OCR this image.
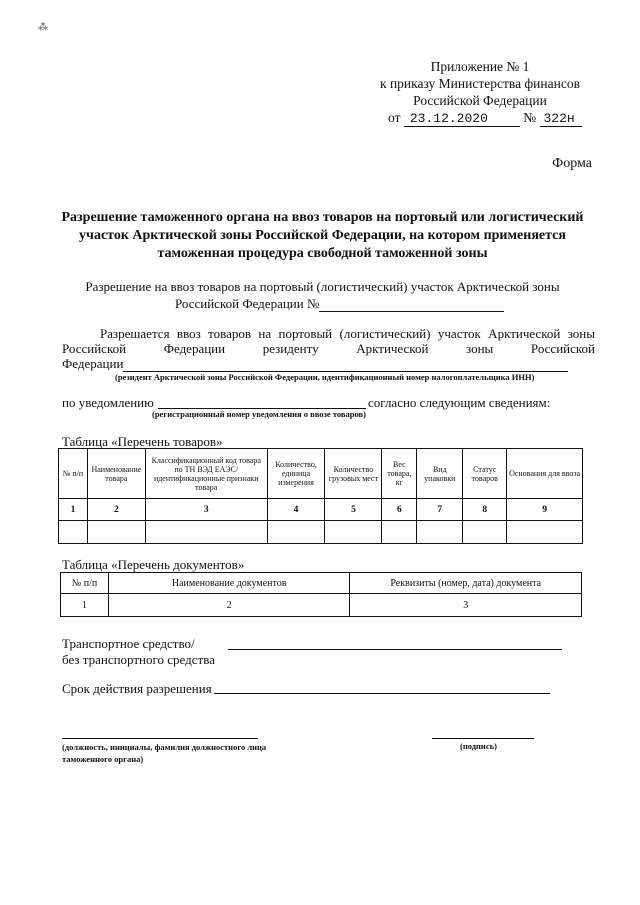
⁂
Приложение № 1
к приказу Министерства финансов
Российской Федерации
от 23.12.2020	№ 322н
Форма
Разрешение таможенного органа на ввоз товаров на портовый или логистический участок Арктической зоны Российской Федерации, на котором применяется таможенная процедура свободной таможенной зоны
Разрешение на ввоз товаров на портовый (логистический) участок Арктической зоны
Российской Федерации №
Разрешается ввоз товаров на портовый (логистический) участок Арктической зоны Российской Федерации резиденту Арктической зоны Российской
Федерации
(резидент Арктической зоны Российской Федерации, идентификационный номер налогоплательщика ИНН)
по уведомлению	согласно следующим сведениям:
(регистрационный номер уведомления о ввозе товаров)
Таблица «Перечень товаров»
№ п/п	Наименование товара	Классификационный код товара по ТН ВЭД ЕАЭС/идентификационные признаки товара	Количество, единица измерения	Количество грузовых мест	Вес товара, кг	Вид упаковки	Статус товаров	Основания для ввоза
1	2	3	4	5	6	7	8	9

Таблица «Перечень документов»
№ п/п	Наименование документов	Реквизиты (номер, дата) документа
1	2	3
Транспортное средство/
без транспортного средства
Срок действия разрешения
(должность, инициалы, фамилия должностного лица
таможенного органа)
(подпись)
